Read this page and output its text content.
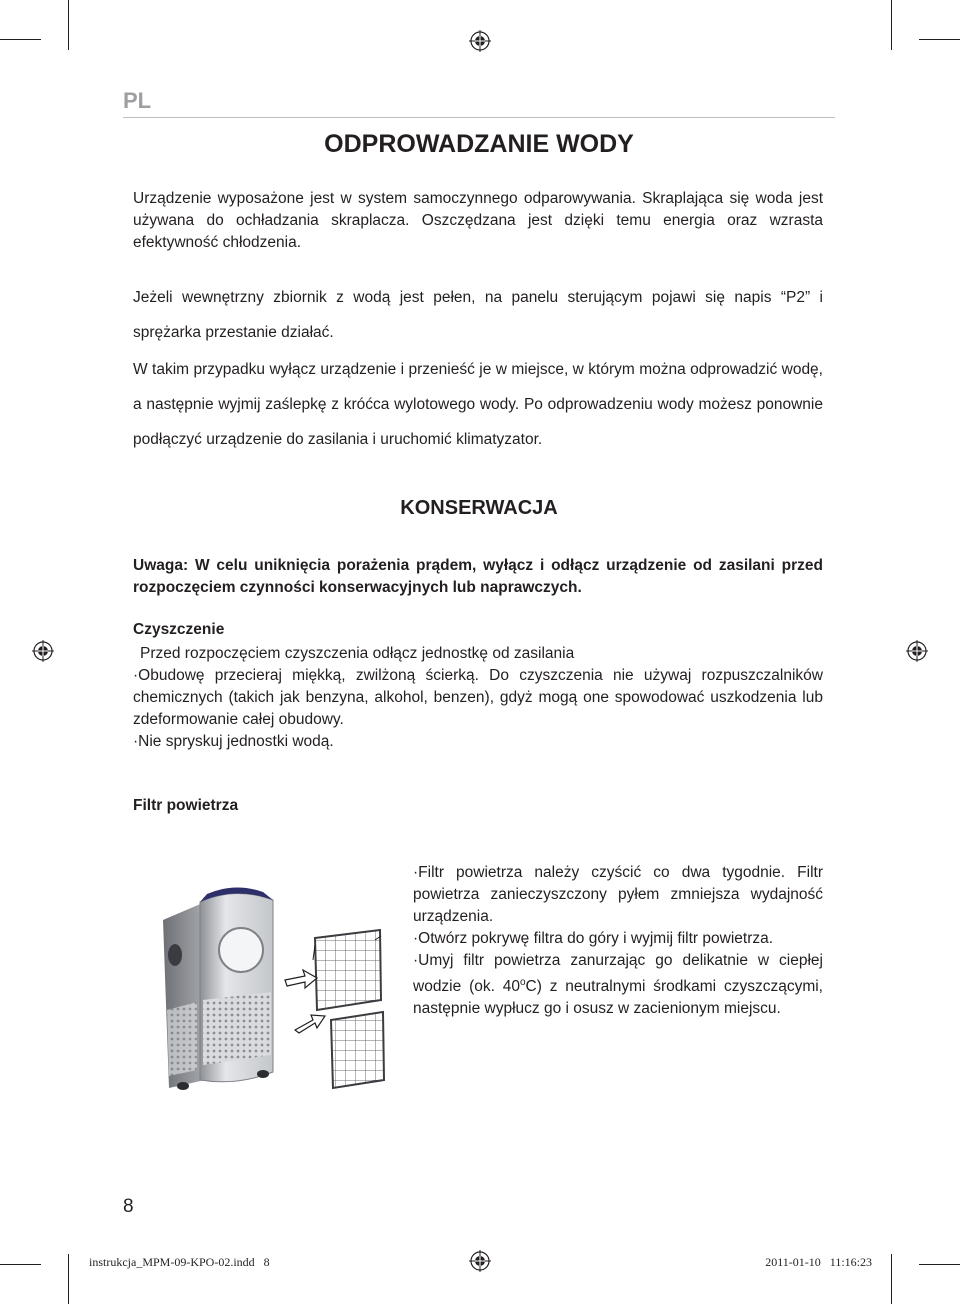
PL
ODPROWADZANIE WODY

Urządzenie wyposażone jest w system samoczynnego odparowywania. Skraplająca się woda jest używana do ochładzania skraplacza. Oszczędzana jest dzięki temu energia oraz wzrasta efektywność chłodzenia.

Jeżeli wewnętrzny zbiornik z wodą jest pełen, na panelu sterującym pojawi się napis “P2” i sprężarka przestanie działać.

W takim przypadku wyłącz urządzenie i przenieść je w miejsce, w którym można odprowadzić wodę, a następnie wyjmij zaślepkę z króćca wylotowego wody. Po odprowadzeniu wody możesz ponownie podłączyć urządzenie do zasilania i uruchomić klimatyzator.

KONSERWACJA

Uwaga: W celu uniknięcia porażenia prądem, wyłącz i odłącz urządzenie od zasilani przed rozpoczęciem czynności konserwacyjnych lub naprawczych.

Czyszczenie

Przed rozpoczęciem czyszczenia odłącz jednostkę od zasilania

·Obudowę przecieraj miękką, zwilżoną ścierką. Do czyszczenia nie używaj rozpuszczalników chemicznych (takich jak benzyna, alkohol, benzen), gdyż mogą one spowodować uszkodzenia lub zdeformowanie całej obudowy.

·Nie spryskuj jednostki wodą.

Filtr powietrza

·Filtr powietrza należy czyścić co dwa tygodnie. Filtr powietrza zanieczyszczony pyłem zmniejsza wydajność urządzenia.

·Otwórz pokrywę filtra do góry i wyjmij filtr powietrza.

·Umyj filtr powietrza zanurzając go delikatnie w ciepłej wodzie (ok. 40$^o$C) z neutralnymi środkami czyszczącymi, następnie wypłucz go i osusz w zacienionym miejscu.

8
instrukcja_MPM-09-KPO-02.indd   8	2011-01-10   11:16:23
